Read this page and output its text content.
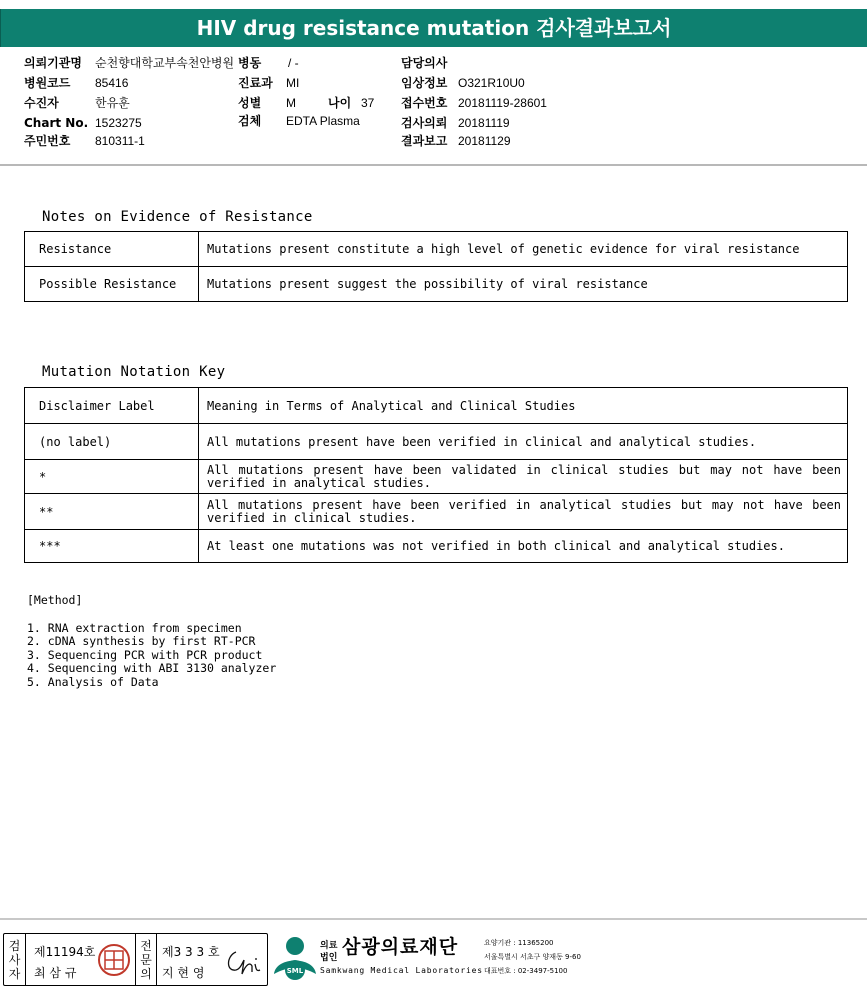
HIV drug resistance mutation 검사결과보고서
의뢰기관명 순천향대학교부속천안병원 병동 / -	담당의사
병원코드 85416	진료과 MI	임상정보 O321R10U0
수진자	한유훈	성별 M	나이 37 접수번호 20181119-28601
Chart No. 1523275	검체 EDTA Plasma	검사의뢰 20181119
주민번호 810311-1	결과보고 20181129
Notes on Evidence of Resistance
Resistance	Mutations present constitute a high level of genetic evidence for viral resistance
Possible Resistance	Mutations present suggest the possibility of viral resistance
Mutation Notation Key
Disclaimer Label	Meaning in Terms of Analytical and Clinical Studies
(no label)	All mutations present have been verified in clinical and analytical studies.
*	All mutations present have been validated in clinical studies but may not have been verified in analytical studies.
**	All mutations present have been verified in analytical studies but may not have been verified in clinical studies.
***	At least one mutations was not verified in both clinical and analytical studies.
[Method]
1. RNA extraction from specimen
2. cDNA synthesis by first RT-PCR
3. Sequencing PCR with PCR product
4. Sequencing with ABI 3130 analyzer
5. Analysis of Data
검
사
자
제11194호
최 삼 규
전
문
의
제3 3 3 호
지 현 영	SML
의료
법인 삼광의료재단
Samkwang Medical Laboratories
요양기관 : 11365200
서울특별시 서초구 양재동 9-60
대표번호 : 02-3497-5100
